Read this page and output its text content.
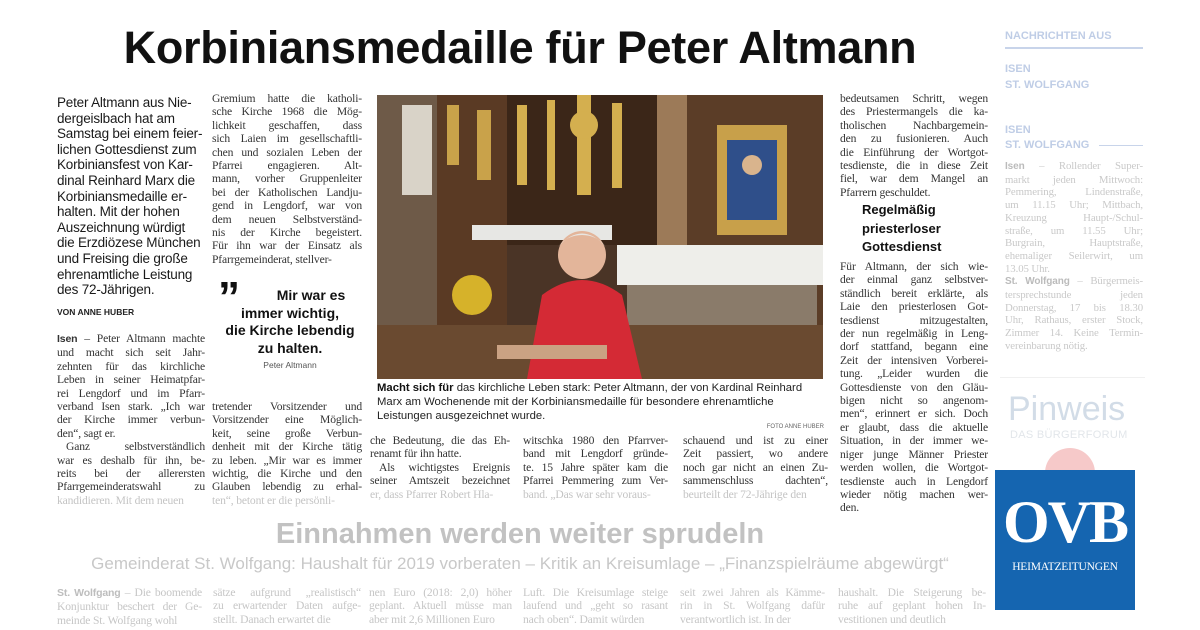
Korbiniansmedaille für Peter Altmann
Peter Altmann aus Nie-
dergeislbach hat am
Samstag bei einem feier-
lichen Gottesdienst zum
Korbiniansfest von Kar-
dinal Reinhard Marx die
Korbiniansmedaille er-
halten. Mit der hohen
Auszeichnung würdigt
die Erzdiözese München
und Freising die große
ehrenamtliche Leistung
des 72-Jährigen.
VON ANNE HUBER
Isen – Peter Altmann machte
und macht sich seit Jahr-
zehnten für das kirchliche
Leben in seiner Heimatpfar-
rei Lengdorf und im Pfarr-
verband Isen stark. „Ich war
der Kirche immer verbun-
den“, sagt er.
Ganz selbstverständlich
war es deshalb für ihn, be-
reits bei der allerersten
Pfarrgemeinderatswahl zu
kandidieren. Mit dem neuen
Gremium hatte die katholi-
sche Kirche 1968 die Mög-
lichkeit geschaffen, dass
sich Laien im gesellschaftli-
chen und sozialen Leben der
Pfarrei engagieren. Alt-
mann, vorher Gruppenleiter
bei der Katholischen Landju-
gend in Lengdorf, war von
dem neuen Selbstverständ-
nis der Kirche begeistert.
Für ihn war der Einsatz als
Pfarrgemeinderat, stellver-
tretender Vorsitzender und
Vorsitzender eine Möglich-
keit, seine große Verbun-
denheit mit der Kirche tätig
zu leben. „Mir war es immer
wichtig, die Kirche und den
Glauben lebendig zu erhal-
ten“, betont er die persönli-
”	Mir war es
immer wichtig,
die Kirche lebendig
zu halten.
Peter Altmann
Macht sich für das kirchliche Leben stark: Peter Altmann, der von Kardinal Reinhard Marx am Wochenende mit der Korbiniansmedaille für besondere ehrenamtliche Leistungen ausgezeichnet wurde.
FOTO ANNE HUBER
che Bedeutung, die das Eh-
renamt für ihn hatte.
Als wichtigstes Ereignis
seiner Amtszeit bezeichnet
er, dass Pfarrer Robert Hla-
witschka 1980 den Pfarrver-
band mit Lengdorf gründe-
te. 15 Jahre später kam die
Pfarrei Pemmering zum Ver-
band. „Das war sehr voraus-
schauend und ist zu einer
Zeit passiert, wo andere
noch gar nicht an einen Zu-
sammenschluss dachten“,
beurteilt der 72-Jährige den
bedeutsamen Schritt, wegen
des Priestermangels die ka-
tholischen Nachbargemein-
den zu fusionieren. Auch
die Einführung der Wortgot-
tesdienste, die in diese Zeit
fiel, war dem Mangel an
Pfarrern geschuldet.
Regelmäßig
priesterloser
Gottesdienst
Für Altmann, der sich wie-
der einmal ganz selbstver-
ständlich bereit erklärte, als
Laie den priesterlosen Got-
tesdienst mitzugestalten,
der nun regelmäßig in Leng-
dorf stattfand, begann eine
Zeit der intensiven Vorberei-
tung. „Leider wurden die
Gottesdienste von den Gläu-
bigen nicht so angenom-
men“, erinnert er sich. Doch
er glaubt, dass die aktuelle
Situation, in der immer we-
niger junge Männer Priester
werden wollen, die Wortgot-
tesdienste auch in Lengdorf
wieder nötig machen wer-
den.
NACHRICHTEN AUS
ISEN
ST. WOLFGANG
ISEN
ST. WOLFGANG
Isen – Rollender Super-
markt jeden Mittwoch:
Pemmering, Lindenstraße,
um 11.15 Uhr; Mittbach,
Kreuzung Haupt-/Schul-
straße, um 11.55 Uhr;
Burgrain, Hauptstraße,
ehemaliger Seilerwirt, um
13.05 Uhr.
St. Wolfgang – Bürgermeis-
tersprechstunde jeden
Donnerstag, 17 bis 18.30
Uhr, Rathaus, erster Stock,
Zimmer 14. Keine Termin-
vereinbarung nötig.
Pinweis
DAS BÜRGERFORUM
OVB
HEIMATZEITUNGEN
Einnahmen werden weiter sprudeln
Gemeinderat St. Wolfgang: Haushalt für 2019 vorberaten – Kritik an Kreisumlage – „Finanzspielräume abgewürgt“
St. Wolfgang – Die boomende
Konjunktur beschert der Ge-
meinde St. Wolfgang wohl
sätze aufgrund „realistisch“
zu erwartender Daten aufge-
stellt. Danach erwartet die
nen Euro (2018: 2,0) höher
geplant. Aktuell müsse man
aber mit 2,6 Millionen Euro
Luft. Die Kreisumlage steige
laufend und „geht so rasant
nach oben“. Damit würden
seit zwei Jahren als Kämme-
rin in St. Wolfgang dafür
verantwortlich ist. In der
haushalt. Die Steigerung be-
ruhe auf geplant hohen In-
vestitionen und deutlich
